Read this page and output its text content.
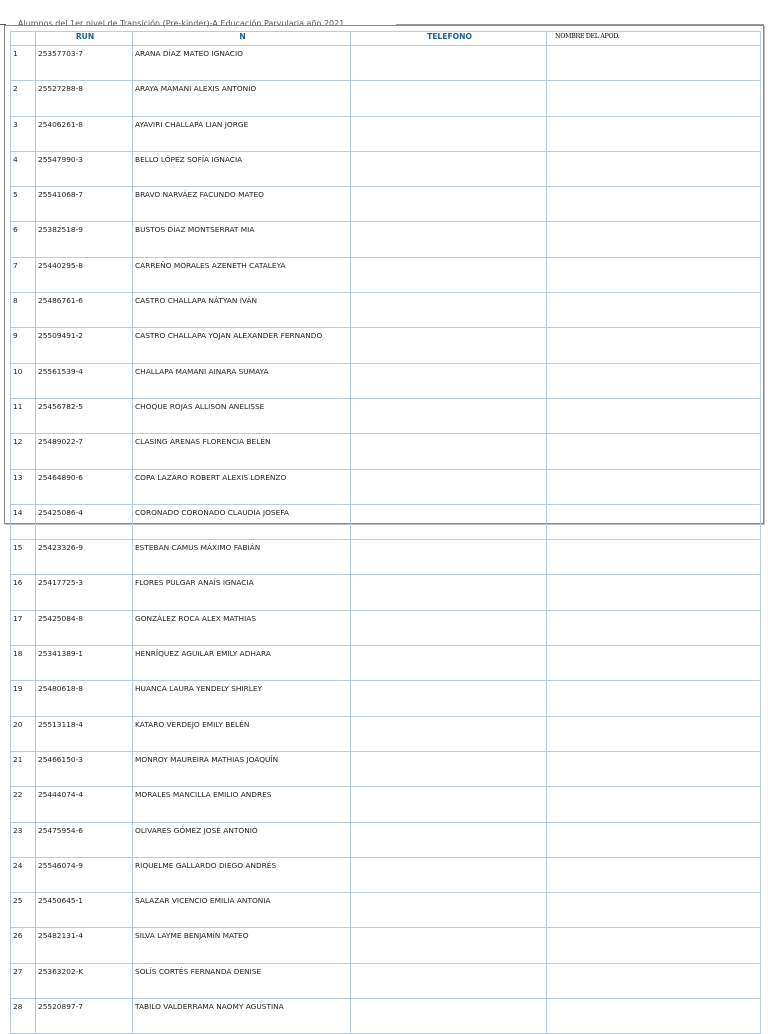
Alumnos del 1er nivel de Transición (Pre-kinder)-A Educación Parvularia año 2021
	RUN	N	TELEFONO	NOMBRE DEL APOD.
1	25357703-7	ARANA DÍAZ MATEO IGNACIO		
2	25527288-8	ARAYA MAMANI ALEXIS ANTONIO		
3	25406261-8	AYAVIRI CHALLAPA LIAN JORGE		
4	25547990-3	BELLO LÓPEZ SOFÍA IGNACIA		
5	25541068-7	BRAVO NARVÁEZ FACUNDO MATEO		
6	25382518-9	BUSTOS DÍAZ MONTSERRAT MIA		
7	25440295-8	CARREÑO MORALES AZENETH CATALEYA		
8	25486761-6	CASTRO CHALLAPA NÁTYAN IVÁN		
9	25509491-2	CASTRO CHALLAPA YOJAN ALEXANDER FERNANDO		
10	25561539-4	CHALLAPA MAMANI AINARA SUMAYA		
11	25456782-5	CHOQUE ROJAS ALLISON ANELISSE		
12	25489022-7	CLASING ARENAS FLORENCIA BELÉN		
13	25464890-6	COPA LAZARO ROBERT ALEXIS LORENZO		
14	25425086-4	CORONADO CORONADO CLAUDIA JOSEFA		
15	25423326-9	ESTEBAN CAMUS MÁXIMO FABIÁN		
16	25417725-3	FLORES PULGAR ANAÍS IGNACIA		
17	25425084-8	GONZÁLEZ ROCA ALEX MATHIAS		
18	25341389-1	HENRÍQUEZ AGUILAR EMILY ADHARA		
19	25480618-8	HUANCA LAURA YENDELY SHIRLEY		
20	25513118-4	KATARO VERDEJO EMILY BELÉN		
21	25466150-3	MONROY MAUREIRA MATHIAS JOAQUÍN		
22	25444074-4	MORALES MANCILLA EMILIO ANDRES		
23	25475954-6	OLIVARES GÓMEZ JOSÉ ANTONIO		
24	25546074-9	RIQUELME GALLARDO DIEGO ANDRÉS		
25	25450645-1	SALAZAR VICENCIO EMILIA ANTONIA		
26	25482131-4	SILVA LAYME BENJAMÍN MATEO		
27	25363202-K	SOLÍS CORTÉS FERNANDA DENISE		
28	25520897-7	TABILO VALDERRAMA NAOMY AGUSTINA		
